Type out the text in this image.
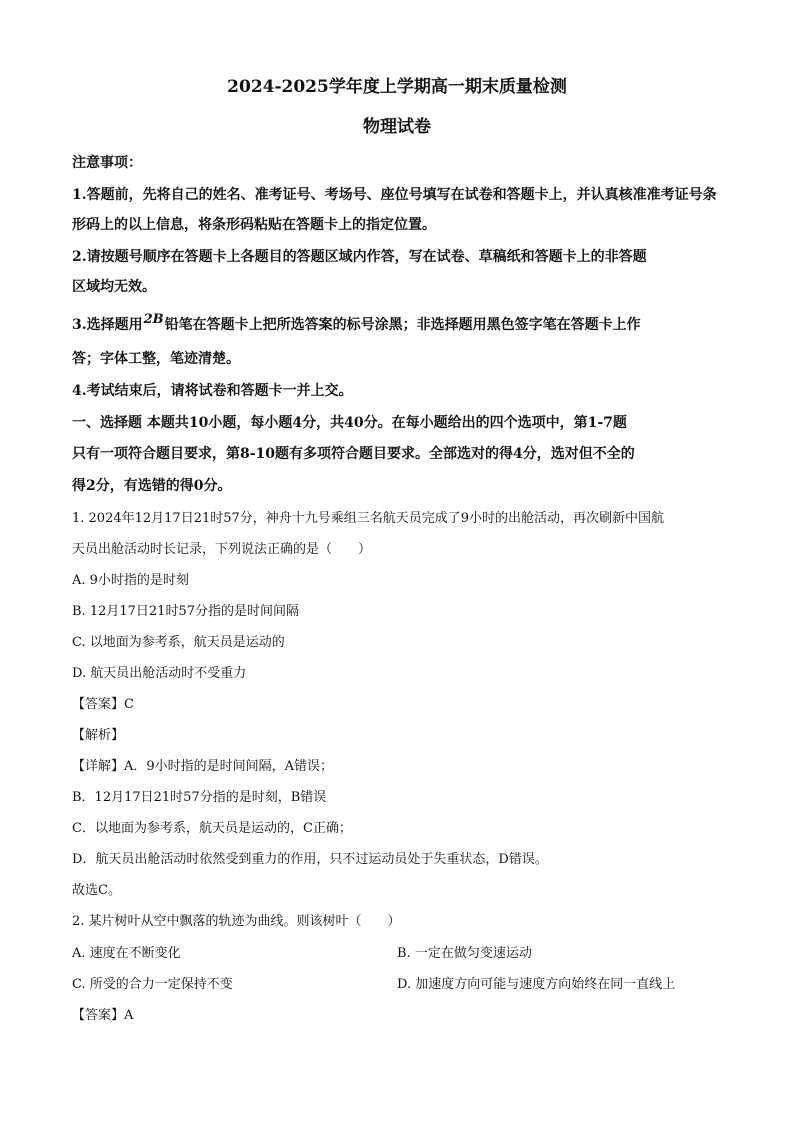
2024-2025学年度上学期高一期末质量检测
物理试卷
注意事项：
1.答题前，先将自己的姓名、准考证号、考场号、座位号填写在试卷和答题卡上，并认真核准准考证号条
形码上的以上信息，将条形码粘贴在答题卡上的指定位置。
2.请按题号顺序在答题卡上各题目的答题区域内作答，写在试卷、草稿纸和答题卡上的非答题
区域均无效。
3.选择题用2B铅笔在答题卡上把所选答案的标号涂黑；非选择题用黑色签字笔在答题卡上作
答；字体工整，笔迹清楚。
4.考试结束后，请将试卷和答题卡一并上交。
一、选择题 本题共10小题，每小题4分，共40分。在每小题给出的四个选项中，第1-7题
只有一项符合题目要求，第8-10题有多项符合题目要求。全部选对的得4分，选对但不全的
得2分，有选错的得0分。
1. 2024年12月17日21时57分，神舟十九号乘组三名航天员完成了9小时的出舱活动，再次刷新中国航
天员出舱活动时长记录，下列说法正确的是（　　）
A. 9小时指的是时刻
B. 12月17日21时57分指的是时间间隔
C. 以地面为参考系，航天员是运动的
D. 航天员出舱活动时不受重力
【答案】C
【解析】
【详解】A．9小时指的是时间间隔，A错误；
B．12月17日21时57分指的是时刻，B错误
C．以地面为参考系，航天员是运动的，C正确；
D．航天员出舱活动时依然受到重力的作用，只不过运动员处于失重状态，D错误。
故选C。
2. 某片树叶从空中飘落的轨迹为曲线。则该树叶（　　）
A. 速度在不断变化	B. 一定在做匀变速运动
C. 所受的合力一定保持不变	D. 加速度方向可能与速度方向始终在同一直线上
【答案】A
